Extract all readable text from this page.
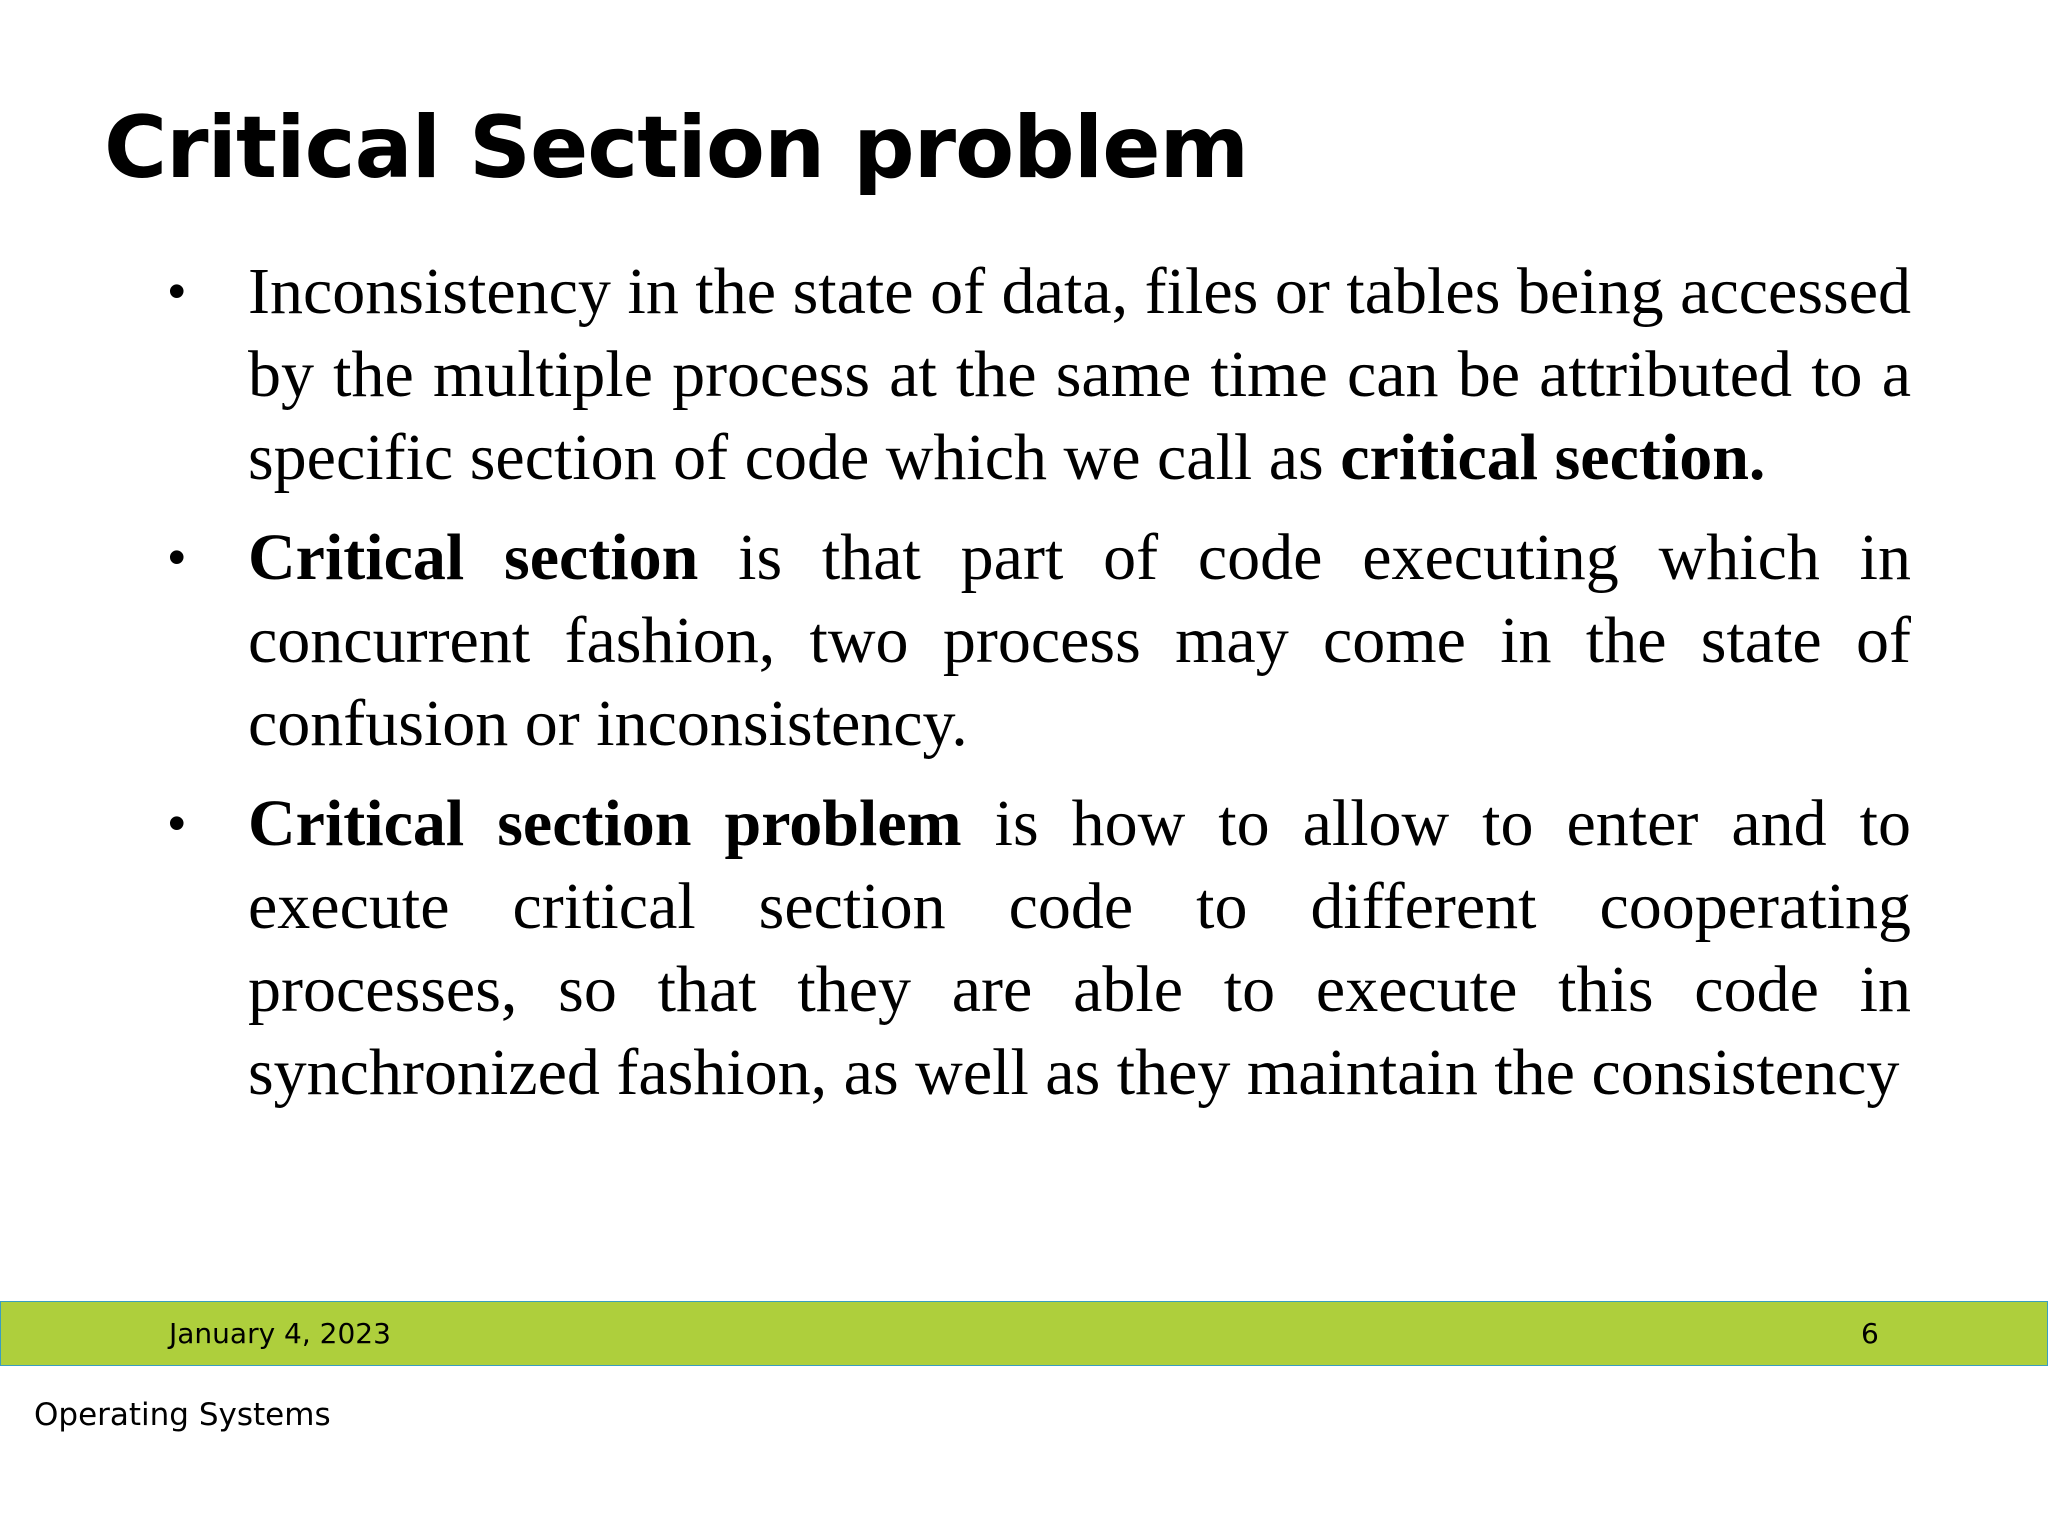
Critical Section problem
• Inconsistency in the state of data, files or tables being accessed by the multiple process at the same time can be attributed to a specific section of code which we call as critical section.
• Critical section is that part of code executing which in concurrent fashion, two process may come in the state of confusion or inconsistency.
• Critical section problem is how to allow to enter and to execute critical section code to different cooperating processes, so that they are able to execute this code in synchronized fashion, as well as they maintain the consistency
January 4, 2023	6
Operating Systems
